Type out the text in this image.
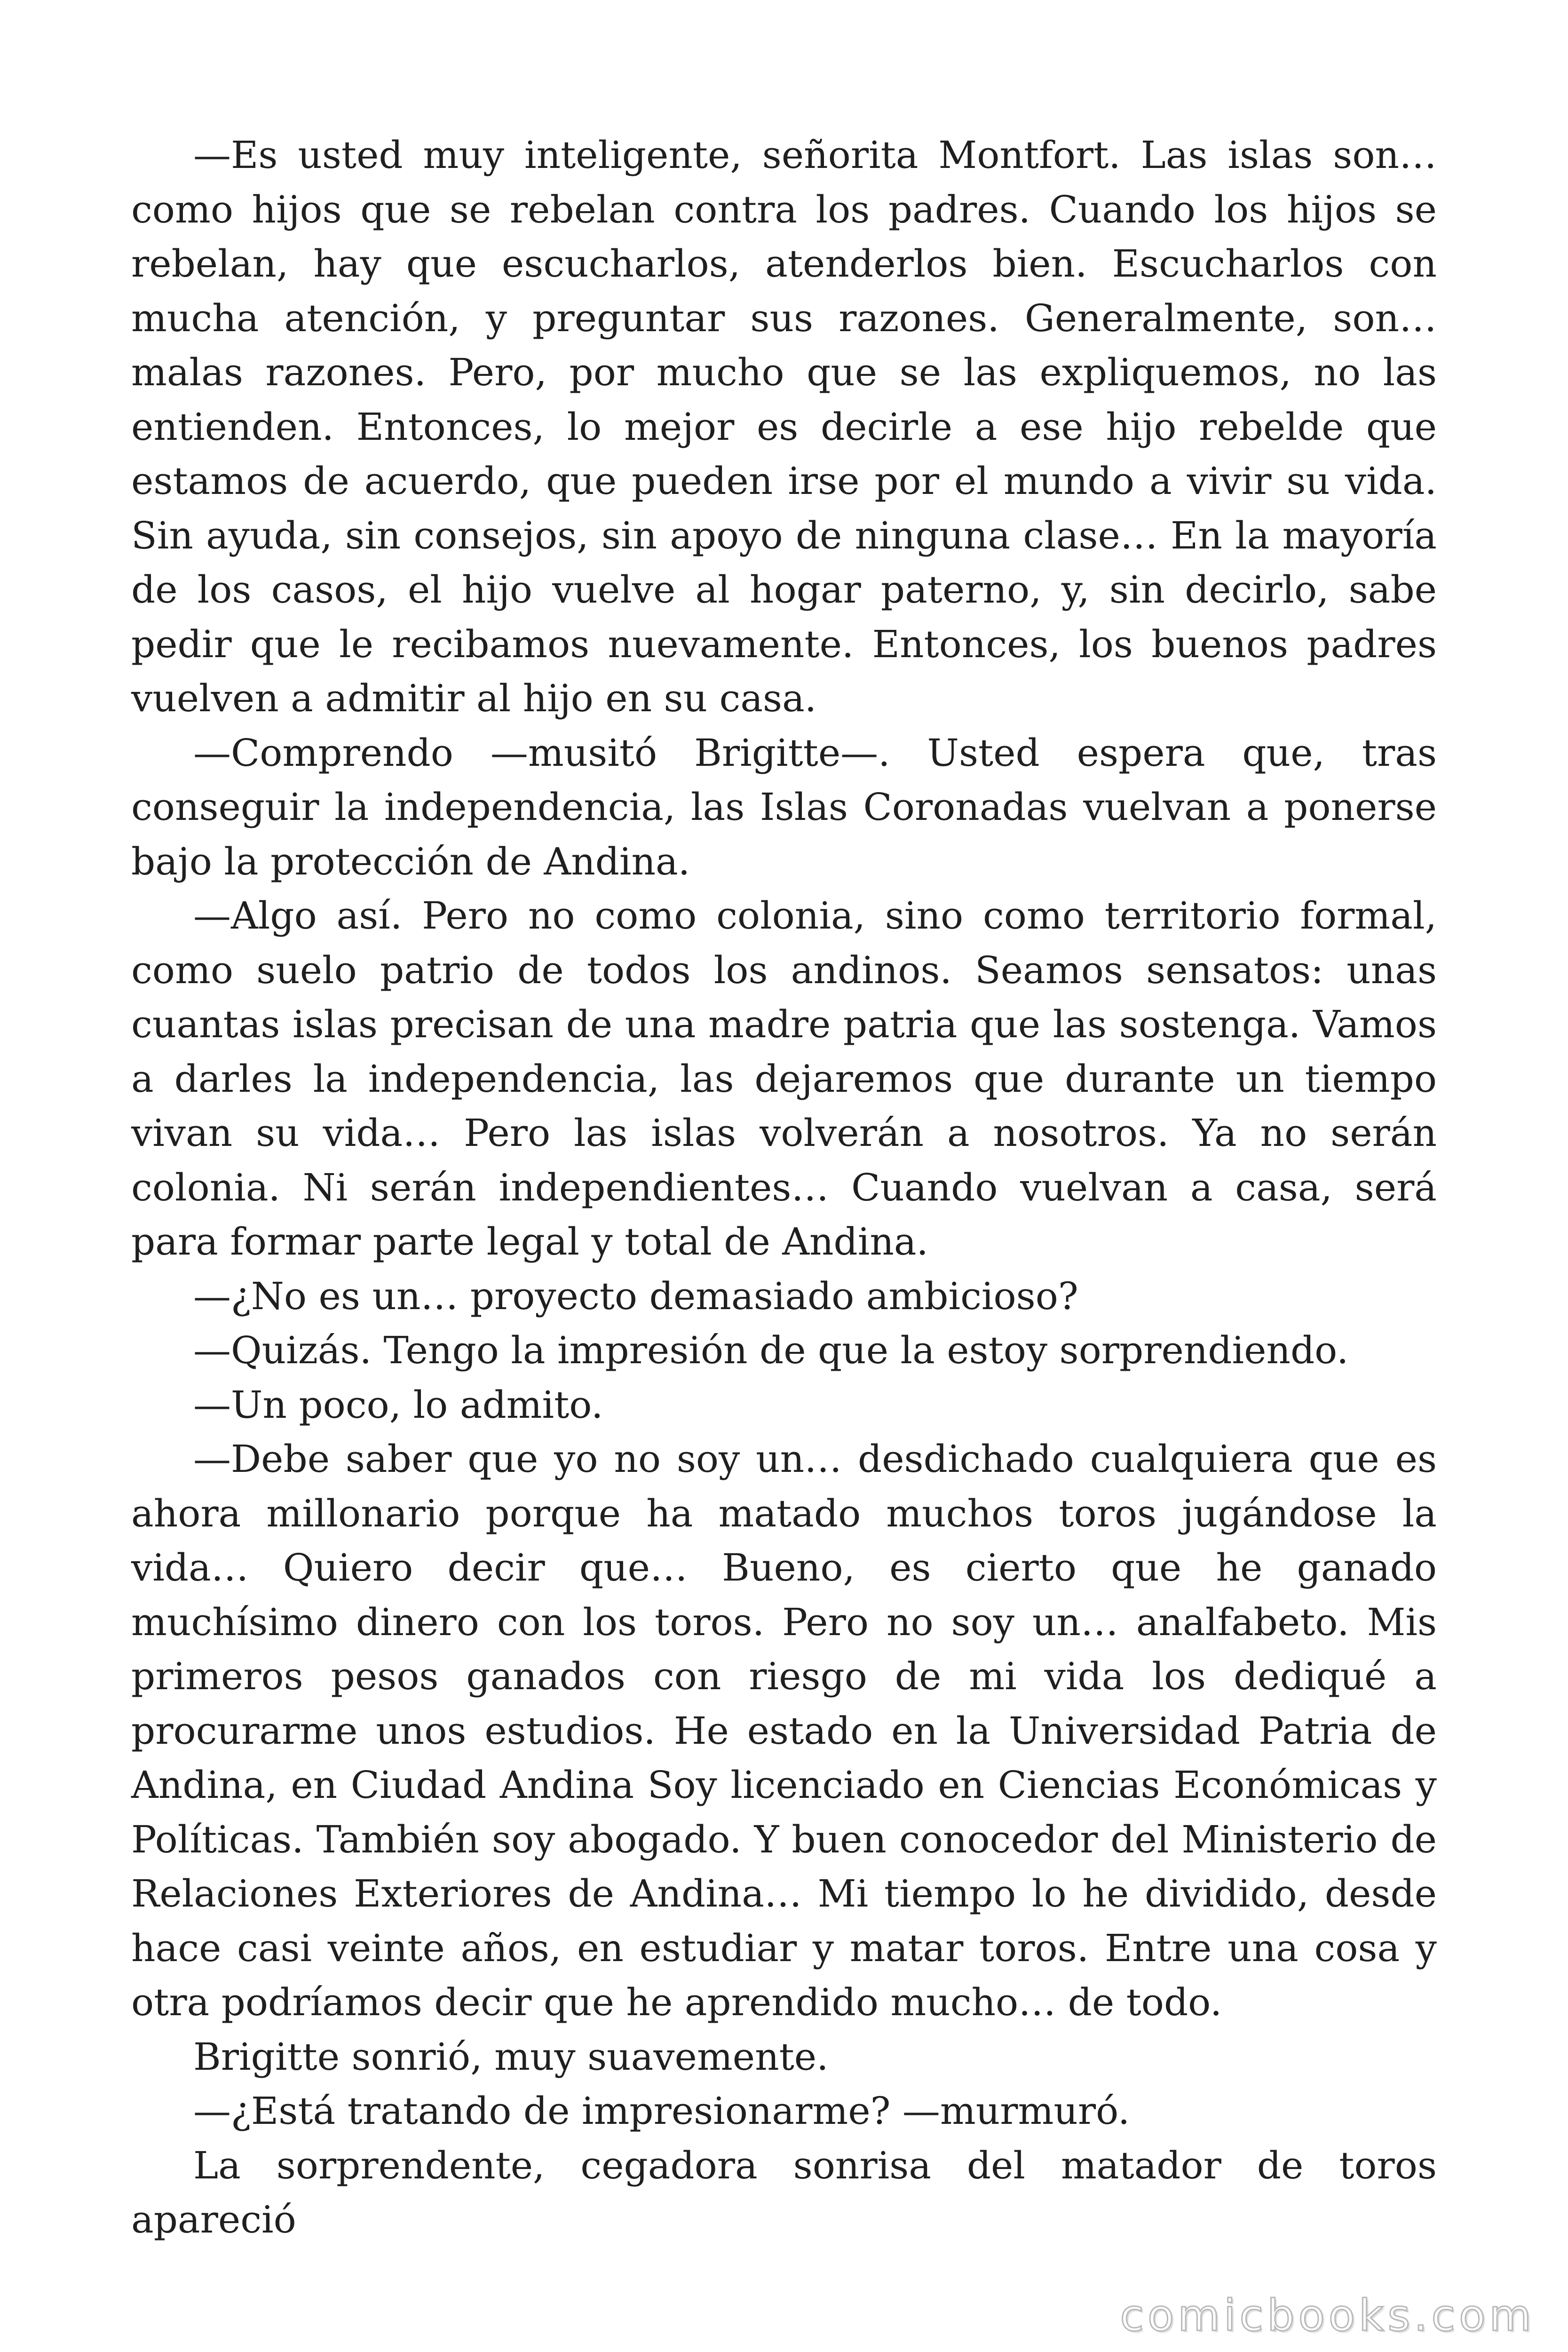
—Es usted muy inteligente, señorita Montfort. Las islas son… como hijos que se rebelan contra los padres. Cuando los hijos se rebelan, hay que escucharlos, atenderlos bien. Escucharlos con mucha atención, y preguntar sus razones. Generalmente, son… malas razones. Pero, por mucho que se las expliquemos, no las entienden. Entonces, lo mejor es decirle a ese hijo rebelde que estamos de acuerdo, que pueden irse por el mundo a vivir su vida. Sin ayuda, sin consejos, sin apoyo de ninguna clase… En la mayoría de los casos, el hijo vuelve al hogar paterno, y, sin decirlo, sabe pedir que le recibamos nuevamente. Entonces, los buenos padres vuelven a admitir al hijo en su casa.

—Comprendo —musitó Brigitte—. Usted espera que, tras conseguir la independencia, las Islas Coronadas vuelvan a ponerse bajo la protección de Andina.

—Algo así. Pero no como colonia, sino como territorio formal, como suelo patrio de todos los andinos. Seamos sensatos: unas cuantas islas precisan de una madre patria que las sostenga. Vamos a darles la independencia, las dejaremos que durante un tiempo vivan su vida… Pero las islas volverán a nosotros. Ya no serán colonia. Ni serán independientes… Cuando vuelvan a casa, será para formar parte legal y total de Andina.

—¿No es un… proyecto demasiado ambicioso?

—Quizás. Tengo la impresión de que la estoy sorprendiendo.

—Un poco, lo admito.

—Debe saber que yo no soy un… desdichado cualquiera que es ahora millonario porque ha matado muchos toros jugándose la vida… Quiero decir que… Bueno, es cierto que he ganado muchísimo dinero con los toros. Pero no soy un… analfabeto. Mis primeros pesos ganados con riesgo de mi vida los dediqué a procurarme unos estudios. He estado en la Universidad Patria de Andina, en Ciudad Andina Soy licenciado en Ciencias Económicas y Políticas. También soy abogado. Y buen conocedor del Ministerio de Relaciones Exteriores de Andina… Mi tiempo lo he dividido, desde hace casi veinte años, en estudiar y matar toros. Entre una cosa y otra podríamos decir que he aprendido mucho… de todo.

Brigitte sonrió, muy suavemente.

—¿Está tratando de impresionarme? —murmuró.

La sorprendente, cegadora sonrisa del matador de toros apareció

comicbooks.com
